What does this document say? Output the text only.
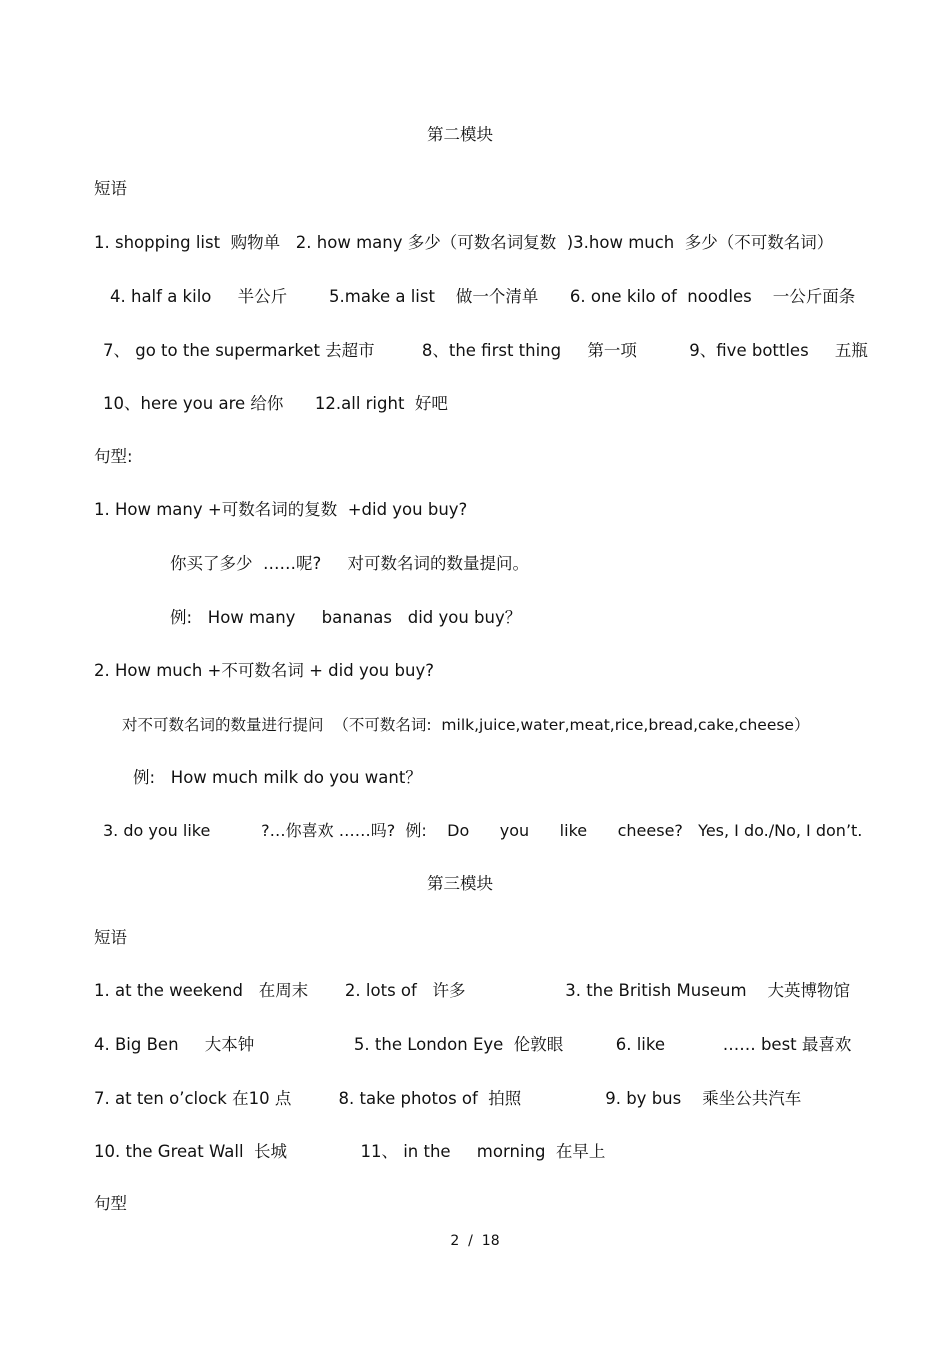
第二模块
短语
1. shopping list  购物单   2. how many 多少（可数名词复数  )3.how much  多少（不可数名词）
4. half a kilo     半公斤        5.make a list    做一个清单      6. one kilo of  noodles    一公斤面条
7、 go to the supermarket 去超市         8、the first thing     第一项          9、five bottles     五瓶
10、here you are 给你      12.all right  好吧
句型:
1. How many +可数名词的复数  +did you buy?
你买了多少  ……呢?     对可数名词的数量提问。
例:   How many     bananas   did you buy？
2. How much +不可数名词 + did you buy?
对不可数名词的数量进行提问  （不可数名词:  milk,juice,water,meat,rice,bread,cake,cheese）
例:   How much milk do you want？
3. do you like          ?…你喜欢 ……吗?  例:    Do      you      like      cheese?   Yes, I do./No, I don’t.
第三模块
短语
1. at the weekend   在周末       2. lots of   许多                   3. the British Museum    大英博物馆
4. Big Ben     大本钟                   5. the London Eye  伦敦眼          6. like           …… best 最喜欢
7. at ten o’clock 在10 点         8. take photos of  拍照                9. by bus    乘坐公共汽车
10. the Great Wall  长城              11、 in the     morning  在早上
句型
2  /  18
